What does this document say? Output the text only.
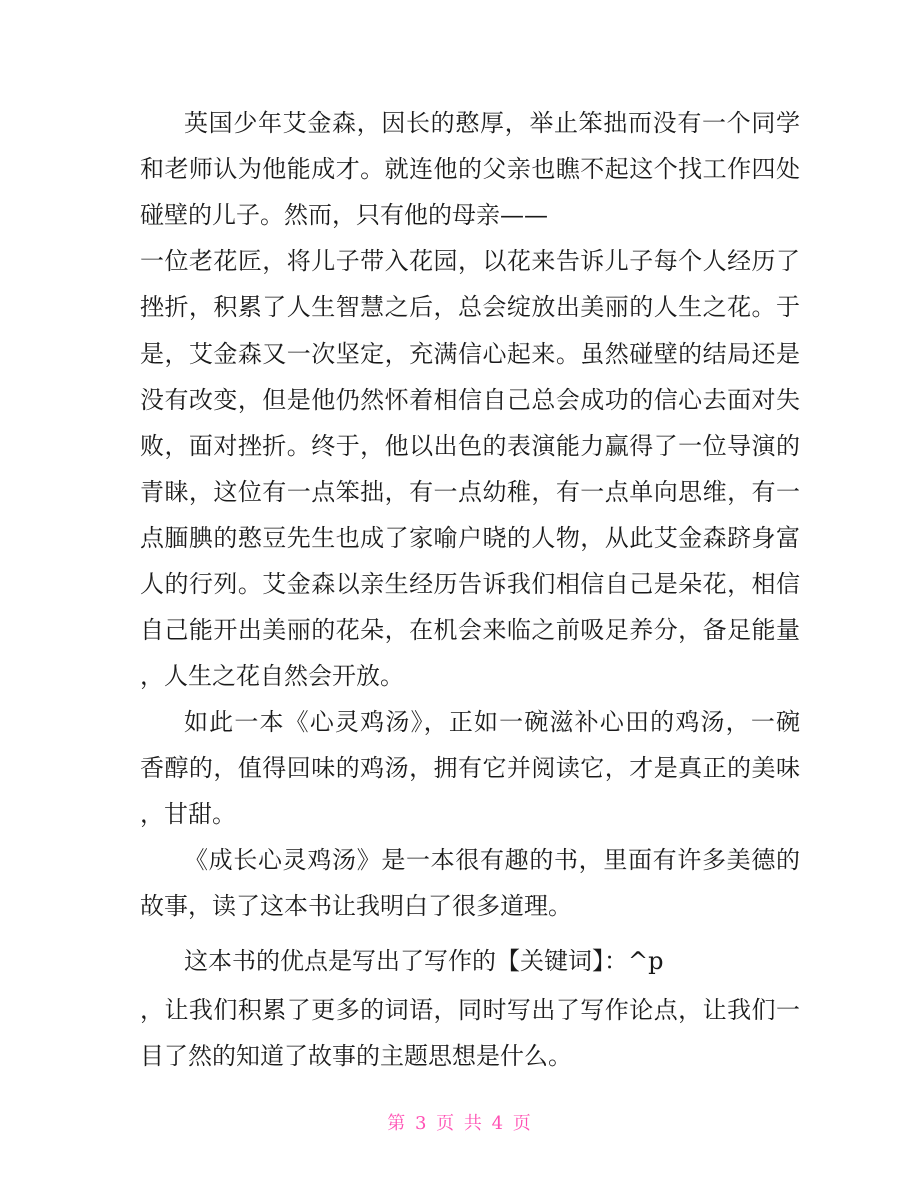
英国少年艾金森，因长的憨厚，举止笨拙而没有一个同学
和老师认为他能成才。就连他的父亲也瞧不起这个找工作四处
碰壁的儿子。然而，只有他的母亲——
一位老花匠，将儿子带入花园，以花来告诉儿子每个人经历了
挫折，积累了人生智慧之后，总会绽放出美丽的人生之花。于
是，艾金森又一次坚定，充满信心起来。虽然碰壁的结局还是
没有改变，但是他仍然怀着相信自己总会成功的信心去面对失
败，面对挫折。终于，他以出色的表演能力赢得了一位导演的
青睐，这位有一点笨拙，有一点幼稚，有一点单向思维，有一
点腼腆的憨豆先生也成了家喻户晓的人物，从此艾金森跻身富
人的行列。艾金森以亲生经历告诉我们相信自己是朵花，相信
自己能开出美丽的花朵，在机会来临之前吸足养分，备足能量
，人生之花自然会开放。
如此一本《心灵鸡汤》，正如一碗滋补心田的鸡汤，一碗
香醇的，值得回味的鸡汤，拥有它并阅读它，才是真正的美味
，甘甜。
《成长心灵鸡汤》是一本很有趣的书，里面有许多美德的
故事，读了这本书让我明白了很多道理。
这本书的优点是写出了写作的【关键词】：^p
，让我们积累了更多的词语，同时写出了写作论点，让我们一
目了然的知道了故事的主题思想是什么。
第 3 页 共 4 页
